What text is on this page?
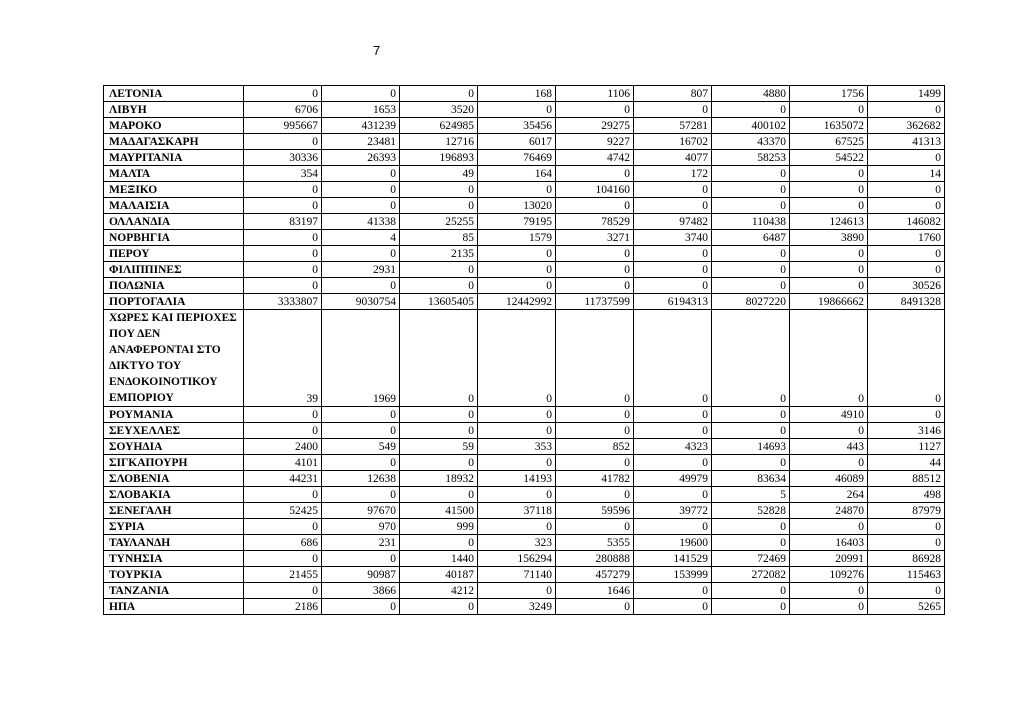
7
ΛΕΤΟΝΙΑ	0	0	0	168	1106	807	4880	1756	1499
ΛΙΒΥΗ	6706	1653	3520	0	0	0	0	0	0
ΜΑΡΟΚΟ	995667	431239	624985	35456	29275	57281	400102	1635072	362682
ΜΑΔΑΓΑΣΚΑΡΗ	0	23481	12716	6017	9227	16702	43370	67525	41313
ΜΑΥΡΙΤΑΝΙΑ	30336	26393	196893	76469	4742	4077	58253	54522	0
ΜΑΛΤΑ	354	0	49	164	0	172	0	0	14
ΜΕΞΙΚΟ	0	0	0	0	104160	0	0	0	0
ΜΑΛΑΙΣΙΑ	0	0	0	13020	0	0	0	0	0
ΟΛΛΑΝΔΙΑ	83197	41338	25255	79195	78529	97482	110438	124613	146082
ΝΟΡΒΗΓΙΑ	0	4	85	1579	3271	3740	6487	3890	1760
ΠΕΡΟΥ	0	0	2135	0	0	0	0	0	0
ΦΙΛΙΠΠΙΝΕΣ	0	2931	0	0	0	0	0	0	0
ΠΟΛΩΝΙΑ	0	0	0	0	0	0	0	0	30526
ΠΟΡΤΟΓΑΛΙΑ	3333807	9030754	13605405	12442992	11737599	6194313	8027220	19866662	8491328
ΧΩΡΕΣ ΚΑΙ ΠΕΡΙΟΧΕΣ ΠΟΥ ΔΕΝ ΑΝΑΦΕΡΟΝΤΑΙ ΣΤΟ ΔΙΚΤΥΟ ΤΟΥ ΕΝΔΟΚΟΙΝΟΤΙΚΟΥ ΕΜΠΟΡΙΟΥ	39	1969	0	0	0	0	0	0	0
ΡΟΥΜΑΝΙΑ	0	0	0	0	0	0	0	4910	0
ΣΕΥΧΕΛΛΕΣ	0	0	0	0	0	0	0	0	3146
ΣΟΥΗΔΙΑ	2400	549	59	353	852	4323	14693	443	1127
ΣΙΓΚΑΠΟΥΡΗ	4101	0	0	0	0	0	0	0	44
ΣΛΟΒΕΝΙΑ	44231	12638	18932	14193	41782	49979	83634	46089	88512
ΣΛΟΒΑΚΙΑ	0	0	0	0	0	0	5	264	498
ΣΕΝΕΓΑΛΗ	52425	97670	41500	37118	59596	39772	52828	24870	87979
ΣΥΡΙΑ	0	970	999	0	0	0	0	0	0
ΤΑΥΛΑΝΔΗ	686	231	0	323	5355	19600	0	16403	0
ΤΥΝΗΣΙΑ	0	0	1440	156294	280888	141529	72469	20991	86928
ΤΟΥΡΚΙΑ	21455	90987	40187	71140	457279	153999	272082	109276	115463
ΤΑΝΖΑΝΙΑ	0	3866	4212	0	1646	0	0	0	0
ΗΠΑ	2186	0	0	3249	0	0	0	0	5265
